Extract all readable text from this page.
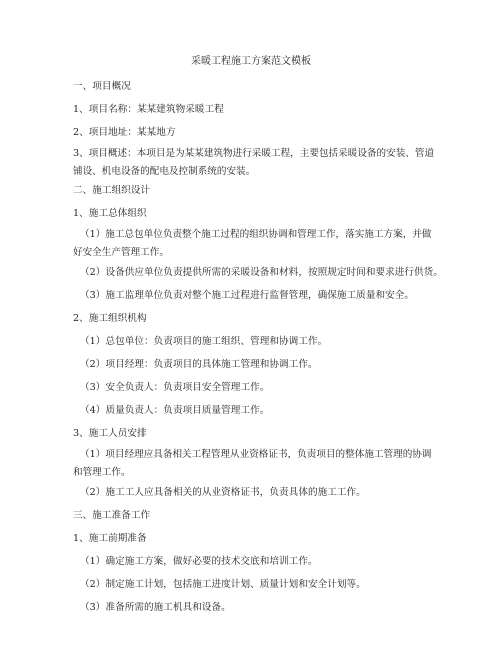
采暖工程施工方案范文模板
一、项目概况
1、项目名称：某某建筑物采暖工程
2、项目地址：某某地方
3、项目概述：本项目是为某某建筑物进行采暖工程，主要包括采暖设备的安装、管道铺设、机电设备的配电及控制系统的安装。
二、施工组织设计
1、施工总体组织
（1）施工总包单位负责整个施工过程的组织协调和管理工作，落实施工方案，并做好安全生产管理工作。
（2）设备供应单位负责提供所需的采暖设备和材料，按照规定时间和要求进行供货。
（3）施工监理单位负责对整个施工过程进行监督管理，确保施工质量和安全。
2、施工组织机构
（1）总包单位：负责项目的施工组织、管理和协调工作。
（2）项目经理：负责项目的具体施工管理和协调工作。
（3）安全负责人：负责项目安全管理工作。
（4）质量负责人：负责项目质量管理工作。
3、施工人员安排
（1）项目经理应具备相关工程管理从业资格证书，负责项目的整体施工管理的协调和管理工作。
（2）施工工人应具备相关的从业资格证书，负责具体的施工工作。
三、施工准备工作
1、施工前期准备
（1）确定施工方案，做好必要的技术交底和培训工作。
（2）制定施工计划，包括施工进度计划、质量计划和安全计划等。
（3）准备所需的施工机具和设备。
